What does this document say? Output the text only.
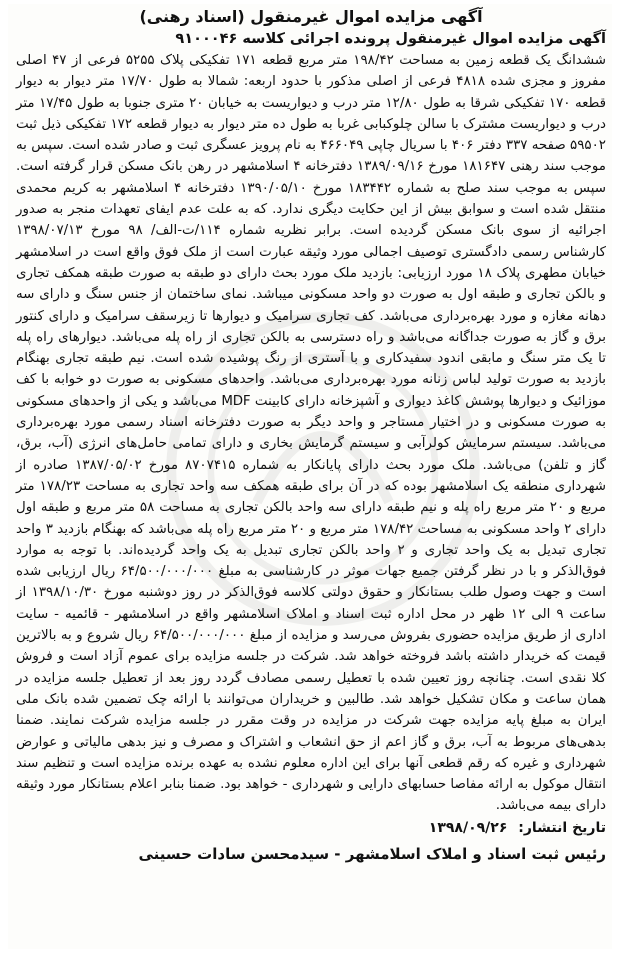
آگهی مزایده اموال غیرمنقول (اسناد رهنی)
آگهی مزایده اموال غیرمنقول پرونده اجرائی کلاسه ۹۱۰۰۰۴۶

ششدانگ یک قطعه زمین به مساحت ۱۹۸/۴۲ متر مربع قطعه ۱۷۱ تفکیکی پلاک ۵۲۵۵ فرعی از ۴۷ اصلی مفروز و مجزی شده ۴۸۱۸ فرعی از اصلی مذکور با حدود اربعه: شمالا به طول ۱۷/۷۰ متر دیوار به دیوار قطعه ۱۷۰ تفکیکی شرقا به طول ۱۲/۸۰ متر درب و دیواریست به خیابان ۲۰ متری جنوبا به طول ۱۷/۴۵ متر درب و دیواریست مشترک با سالن چلوکبابی غربا به طول ده متر دیوار به دیوار قطعه ۱۷۲ تفکیکی ذیل ثبت ۵۹۵۰۲ صفحه ۳۳۷ دفتر ۴۰۶ با سریال چاپی ۴۶۶۰۴۹ به نام پرویز عسگری ثبت و صادر شده است. سپس به موجب سند رهنی ۱۸۱۶۴۷ مورخ ۱۳۸۹/۰۹/۱۶ دفترخانه ۴ اسلامشهر در رهن بانک مسکن قرار گرفته است. سپس به موجب سند صلح به شماره ۱۸۳۴۴۲ مورخ ۱۳۹۰/۰۵/۱۰ دفترخانه ۴ اسلامشهر به کریم محمدی منتقل شده است و سوابق بیش از این حکایت دیگری ندارد. که به علت عدم ایفای تعهدات منجر به صدور اجرائیه از سوی بانک مسکن گردیده است. برابر نظریه شماره ۱۱۴/ت-الف/ ۹۸ مورخ ۱۳۹۸/۰۷/۱۳ کارشناس رسمی دادگستری توصیف اجمالی مورد وثیقه عبارت است از ملک فوق واقع است در اسلامشهر خیابان مطهری پلاک ۱۸ مورد ارزیابی: بازدید ملک مورد بحث دارای دو طبقه به صورت طبقه همکف تجاری و بالکن تجاری و طبقه اول به صورت دو واحد مسکونی میباشد. نمای ساختمان از جنس سنگ و دارای سه دهانه مغازه و مورد بهره‌برداری می‌باشد. کف تجاری سرامیک و دیوارها تا زیرسقف سرامیک و دارای کنتور برق و گاز به صورت جداگانه می‌باشد و راه دسترسی به بالکن تجاری از راه پله می‌باشد. دیوارهای راه پله تا یک متر سنگ و مابقی اندود سفیدکاری و با آستری از رنگ پوشیده شده است. نیم طبقه تجاری بهنگام بازدید به صورت تولید لباس زنانه مورد بهره‌برداری می‌باشد. واحدهای مسکونی به صورت دو خوابه با کف موزائیک و دیوارها پوشش کاغذ دیواری و آشپزخانه دارای کابینت MDF می‌باشد و یکی از واحدهای مسکونی به صورت مسکونی و در اختیار مستاجر و واحد دیگر به صورت دفترخانه اسناد رسمی مورد بهره‌برداری می‌باشد. سیستم سرمایش کولرآبی و سیستم گرمایش بخاری و دارای تمامی حامل‌های انرژی (آب، برق، گاز و تلفن) می‌باشد. ملک مورد بحث دارای پایانکار به شماره ۸۷۰۷۴۱۵ مورخ ۱۳۸۷/۰۵/۰۲ صادره از شهرداری منطقه یک اسلامشهر بوده که در آن برای طبقه همکف سه واحد تجاری به مساحت ۱۷۸/۲۳ متر مربع و ۲۰ متر مربع راه پله و نیم طبقه دارای سه واحد بالکن تجاری به مساحت ۵۸ متر مربع و طبقه اول دارای ۲ واحد مسکونی به مساحت ۱۷۸/۴۲ متر مربع و ۲۰ متر مربع راه پله می‌باشد که بهنگام بازدید ۳ واحد تجاری تبدیل به یک واحد تجاری و ۲ واحد بالکن تجاری تبدیل به یک واحد گردیده‌اند. با توجه به موارد فوق‌الذکر و با در نظر گرفتن جمیع جهات موثر در کارشناسی به مبلغ ۶۴/۵۰۰/۰۰۰/۰۰۰ ریال ارزیابی شده است و جهت وصول طلب بستانکار و حقوق دولتی کلاسه فوق‌الذکر در روز دوشنبه مورخ ۱۳۹۸/۱۰/۳۰ از ساعت ۹ الی ۱۲ ظهر در محل اداره ثبت اسناد و املاک اسلامشهر واقع در اسلامشهر - قائمیه - سایت اداری از طریق مزایده حضوری بفروش می‌رسد و مزایده از مبلغ ۶۴/۵۰۰/۰۰۰/۰۰۰ ریال شروع و به بالاترین قیمت که خریدار داشته باشد فروخته خواهد شد. شرکت در جلسه مزایده برای عموم آزاد است و فروش کلا نقدی است. چنانچه روز تعیین شده با تعطیل رسمی مصادف گردد روز بعد از تعطیل جلسه مزایده در همان ساعت و مکان تشکیل خواهد شد. طالبین و خریداران می‌توانند با ارائه چک تضمین شده بانک ملی ایران به مبلغ پایه مزایده جهت شرکت در مزایده در وقت مقرر در جلسه مزایده شرکت نمایند. ضمنا بدهی‌های مربوط به آب، برق و گاز اعم از حق انشعاب و اشتراک و مصرف و نیز بدهی مالیاتی و عوارض شهرداری و غیره که رقم قطعی آنها برای این اداره معلوم نشده به عهده برنده مزایده است و تنظیم سند انتقال موکول به ارائه مفاصا حسابهای دارایی و شهرداری - خواهد بود. ضمنا بنابر اعلام بستانکار مورد وثیقه دارای بیمه می‌باشد.

تاریخ انتشار: ۱۳۹۸/۰۹/۲۶

رئیس ثبت اسناد و املاک اسلامشهر - سیدمحسن سادات حسینی
